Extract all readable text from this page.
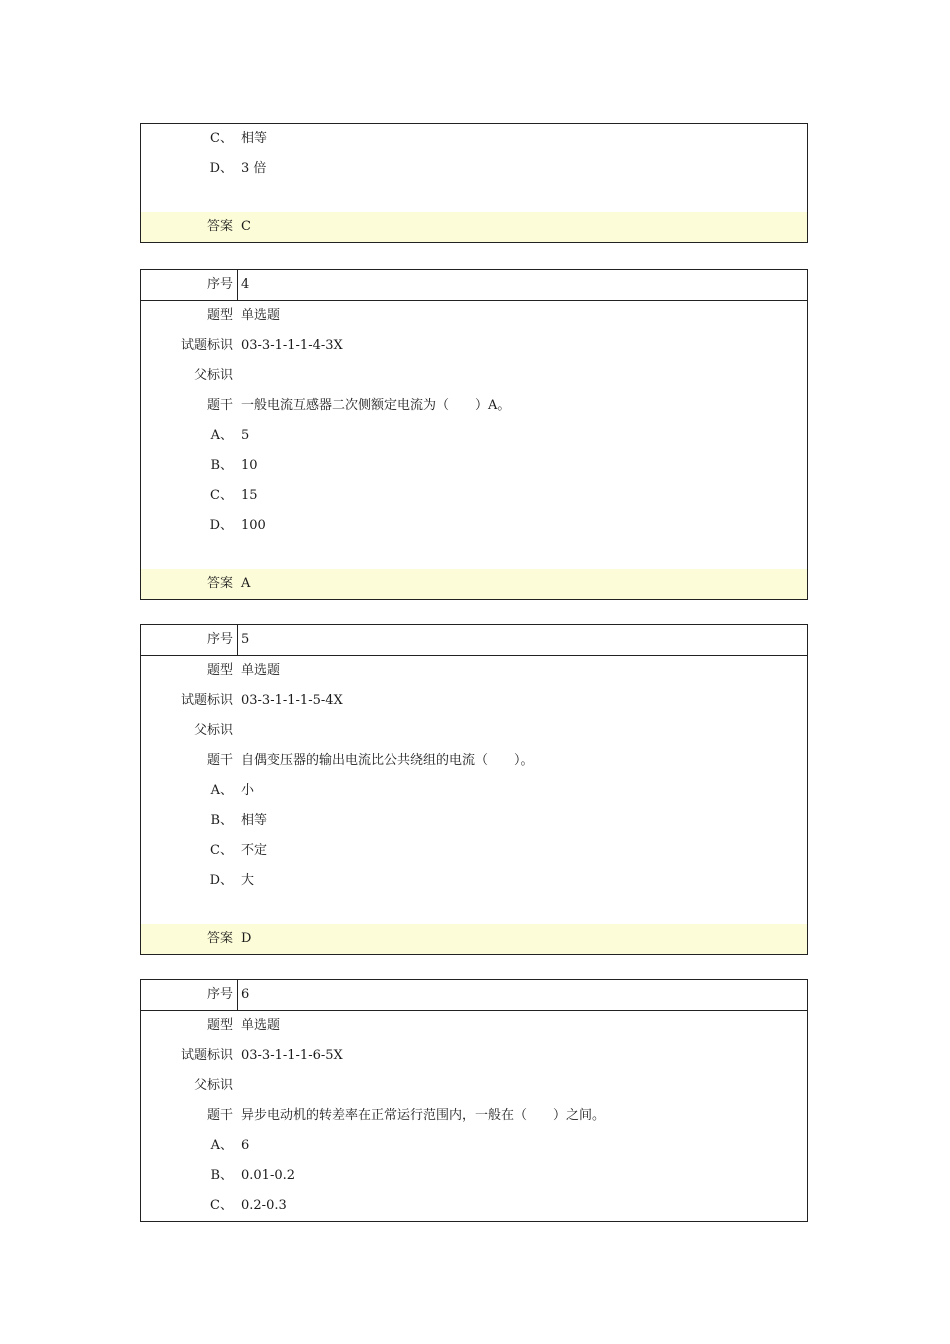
C、 相等
D、 3 倍
答案 C
序号 4
题型 单选题
试题标识 03-3-1-1-1-4-3X
父标识
题干 一般电流互感器二次侧额定电流为（　　）A。
A、 5
B、 10
C、 15
D、 100
答案 A
序号 5
题型 单选题
试题标识 03-3-1-1-1-5-4X
父标识
题干 自偶变压器的输出电流比公共绕组的电流（　　）。
A、 小
B、 相等
C、 不定
D、 大
答案 D
序号 6
题型 单选题
试题标识 03-3-1-1-1-6-5X
父标识
题干 异步电动机的转差率在正常运行范围内，一般在（　　）之间。
A、 6
B、 0.01-0.2
C、 0.2-0.3
